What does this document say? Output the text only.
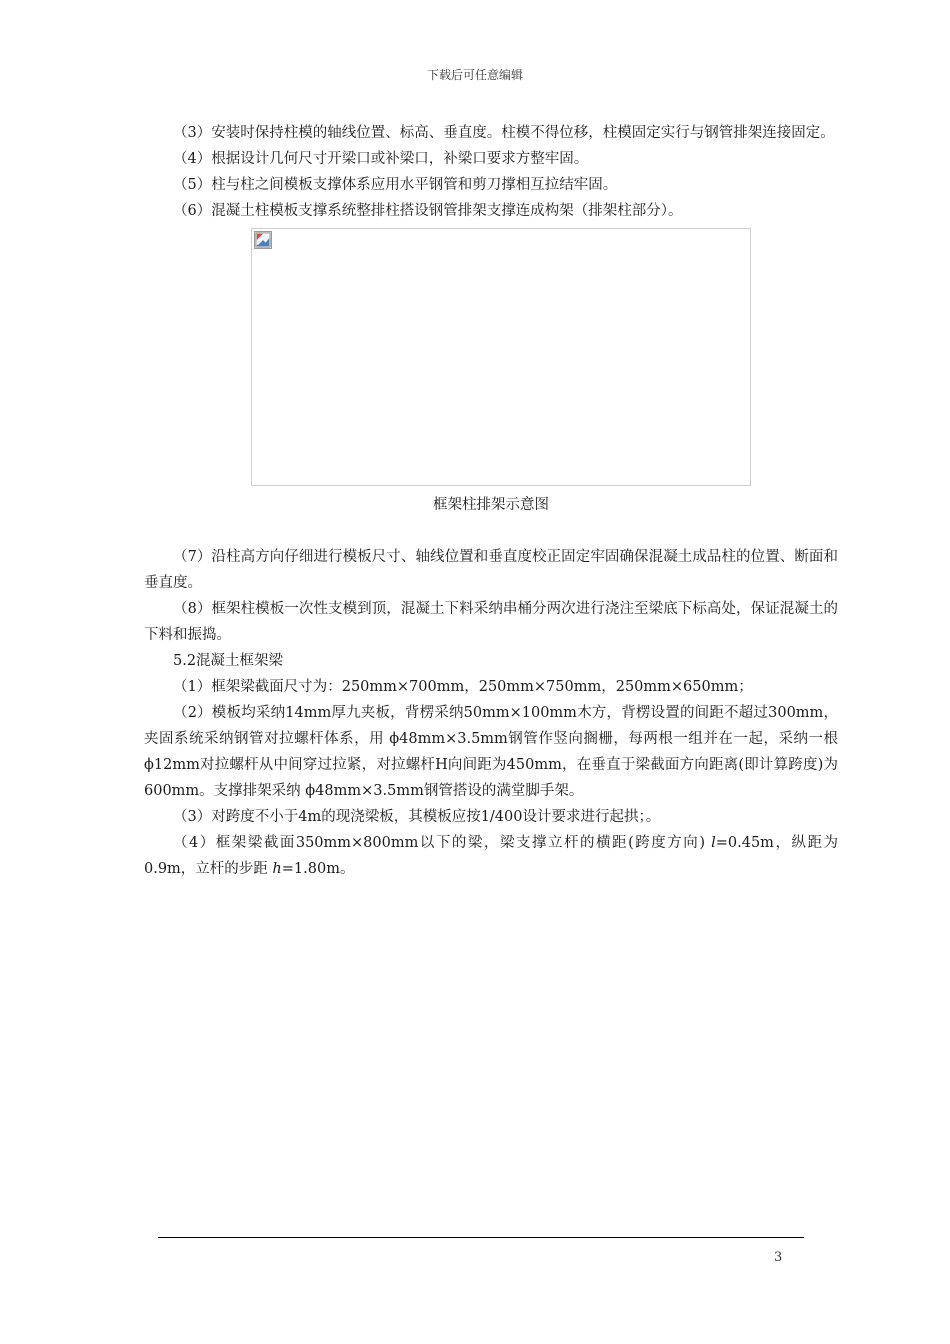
下载后可任意编辑

（3）安装时保持柱模的轴线位置、标高、垂直度。柱模不得位移，柱模固定实行与钢管排架连接固定。

（4）根据设计几何尺寸开梁口或补梁口，补梁口要求方整牢固。

（5）柱与柱之间模板支撑体系应用水平钢管和剪刀撑相互拉结牢固。

（6）混凝土柱模板支撑系统整排柱搭设钢管排架支撑连成构架（排架柱部分）。

框架柱排架示意图

（7）沿柱高方向仔细进行模板尺寸、轴线位置和垂直度校正固定牢固确保混凝土成品柱的位置、断面和垂直度。

（8）框架柱模板一次性支模到顶，混凝土下料采纳串桶分两次进行浇注至梁底下标高处，保证混凝土的下料和振捣。

5.2混凝土框架梁

（1）框架梁截面尺寸为：250mm×700mm，250mm×750mm，250mm×650mm；

（2）模板均采纳14mm厚九夹板，背楞采纳50mm×100mm木方，背楞设置的间距不超过300mm，夹固系统采纳钢管对拉螺杆体系，用 ϕ48mm×3.5mm钢管作竖向搁栅，每两根一组并在一起，采纳一根 ϕ12mm对拉螺杆从中间穿过拉紧，对拉螺杆H向间距为450mm，在垂直于梁截面方向距离(即计算跨度)为600mm。支撑排架采纳 ϕ48mm×3.5mm钢管搭设的满堂脚手架。

（3）对跨度不小于4m的现浇梁板，其模板应按1/400设计要求进行起拱；。

（4）框架梁截面350mm×800mm以下的梁，梁支撑立杆的横距(跨度方向) l=0.45m，纵距为0.9m，立杆的步距 h=1.80m。

3
